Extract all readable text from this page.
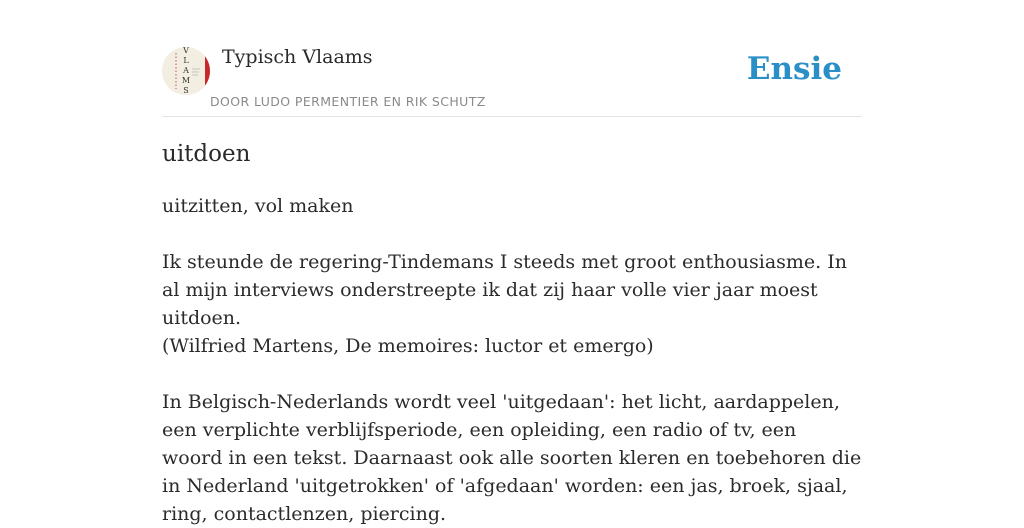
L
A
M
S
V Typisch Vlaams
DOOR LUDO PERMENTIER EN RIK SCHUTZ
Ensie
uitdoen

uitzitten, vol maken

Ik steunde de regering-Tindemans I steeds met groot enthousiasme. In al mijn interviews onderstreepte ik dat zij haar volle vier jaar moest uitdoen.
(Wilfried Martens, De memoires: luctor et emergo)

In Belgisch-Nederlands wordt veel 'uitgedaan': het licht, aardappelen, een verplichte verblijfsperiode, een opleiding, een radio of tv, een woord in een tekst. Daarnaast ook alle soorten kleren en toebehoren die in Nederland 'uitgetrokken' of 'afgedaan' worden: een jas, broek, sjaal, ring, contactlenzen, piercing.
